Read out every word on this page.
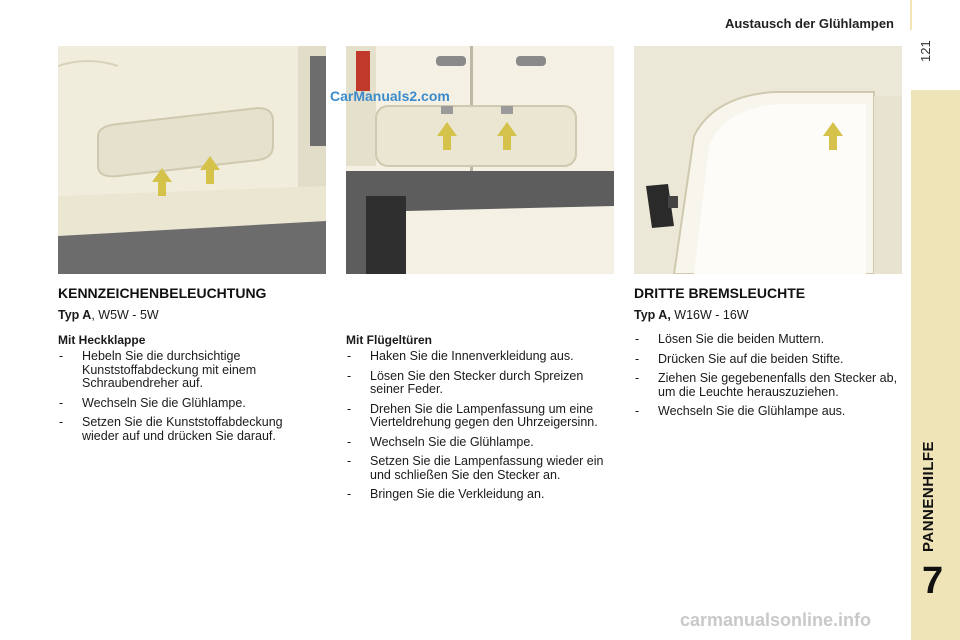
Austausch der Glühlampen
121
PANNENHILFE
7
CarManuals2.com
KENNZEICHENBELEUCHTUNG

Typ A, W5W - 5W

Mit Heckklappe

- Hebeln Sie die durchsichtige Kunststoffabdeckung mit einem Schraubendreher auf.
- Wechseln Sie die Glühlampe.
- Setzen Sie die Kunststoffabdeckung wieder auf und drücken Sie darauf.

Mit Flügeltüren

- Haken Sie die Innenverkleidung aus.
- Lösen Sie den Stecker durch Spreizen seiner Feder.
- Drehen Sie die Lampenfassung um eine Vierteldrehung gegen den Uhrzeigersinn.
- Wechseln Sie die Glühlampe.
- Setzen Sie die Lampenfassung wieder ein und schließen Sie den Stecker an.
- Bringen Sie die Verkleidung an.
DRITTE BREMSLEUCHTE

Typ A, W16W - 16W

- Lösen Sie die beiden Muttern.
- Drücken Sie auf die beiden Stifte.
- Ziehen Sie gegebenenfalls den Stecker ab, um die Leuchte herauszuziehen.
- Wechseln Sie die Glühlampe aus.
carmanualsonline.info
